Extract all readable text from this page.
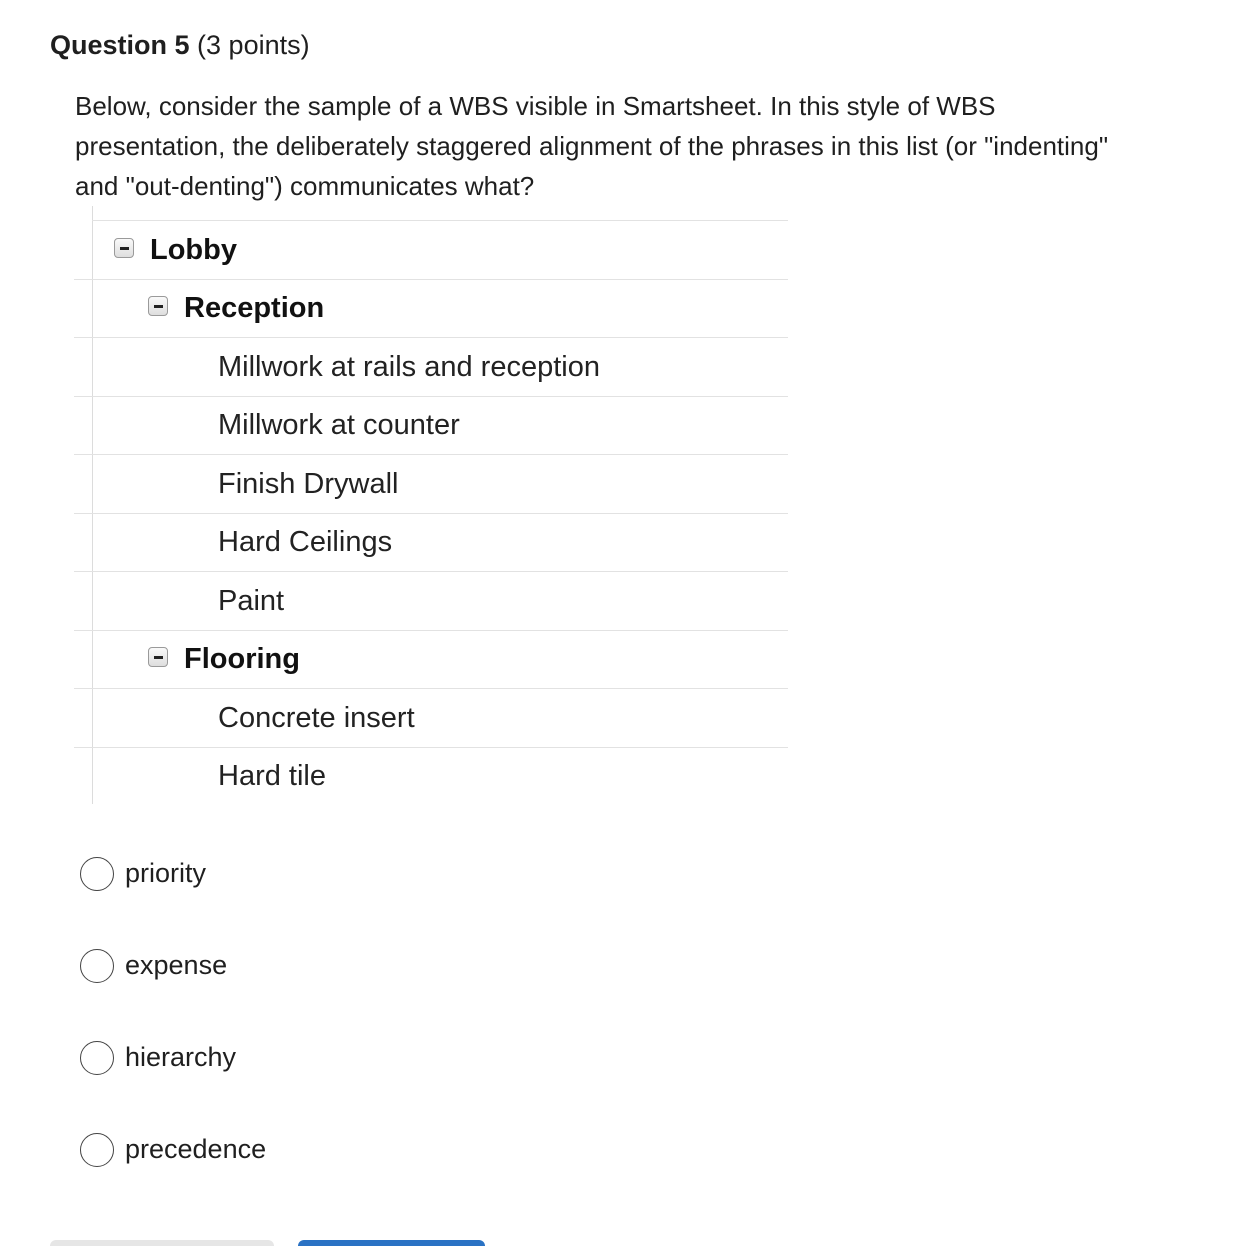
Question 5 (3 points)
Below, consider the sample of a WBS visible in Smartsheet. In this style of WBS presentation, the deliberately staggered alignment of the phrases in this list (or "indenting" and "out-denting") communicates what?
Lobby
Reception
Millwork at rails and reception
Millwork at counter
Finish Drywall
Hard Ceilings
Paint
Flooring
Concrete insert
Hard tile
priority
expense
hierarchy
precedence
